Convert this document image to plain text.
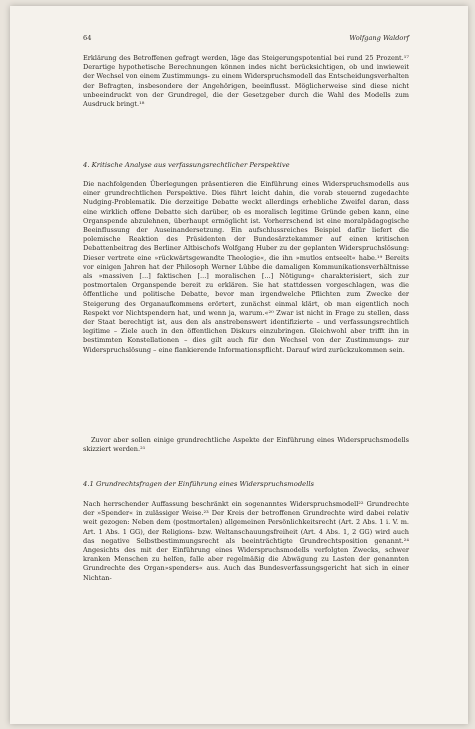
64	Wolfgang Waldorf

Erklärung des Betroffenen gefragt werden, läge das Steigerungspotential bei rund 25 Prozent.¹⁷ Derartige hypothetische Berechnungen können indes nicht berücksichtigen, ob und inwieweit der Wechsel von einem Zustimmungs- zu einem Widerspruchsmodell das Entscheidungsverhalten der Befragten, insbesondere der Angehörigen, beeinflusst. Möglicherweise sind diese nicht unbeeindruckt von der Grundregel, die der Gesetzgeber durch die Wahl des Modells zum Ausdruck bringt.¹⁸

4. Kritische Analyse aus verfassungsrechtlicher Perspektive

Die nachfolgenden Überlegungen präsentieren die Einführung eines Widerspruchsmodells aus einer grundrechtlichen Perspektive. Dies führt leicht dahin, die vorab steuernd zugedachte Nudging-Problematik. Die derzeitige Debatte weckt allerdings erhebliche Zweifel daran, dass eine wirklich offene Debatte sich darüber, ob es moralisch legitime Gründe geben kann, eine Organspende abzulehnen, überhaupt ermöglicht ist. Vorherrschend ist eine moralpädagogische Beeinflussung der Auseinandersetzung. Ein aufschlussreiches Beispiel dafür liefert die polemische Reaktion des Präsidenten der Bundesärztekammer auf einen kritischen Debattenbeitrag des Berliner Altbischofs Wolfgang Huber zu der geplanten Widerspruchslösung: Dieser vertrete eine »rückwärtsgewandte Theologie«, die ihn »mutlos entseelt« habe.¹⁹ Bereits vor einigen Jahren hat der Philosoph Werner Lübbe die damaligen Kommunikationsverhältnisse als »massiven [...] faktischen [...] moralischen [...] Nötigung« charakterisiert, sich zur postmortalen Organspende bereit zu erklären. Sie hat stattdessen vorgeschlagen, was die öffentliche und politische Debatte, bevor man irgendwelche Pflichten zum Zwecke der Steigerung des Organaufkommens erörtert, zunächst einmal klärt, ob man eigentlich noch Respekt vor Nichtspendern hat, und wenn ja, warum.«²⁰ Zwar ist nicht in Frage zu stellen, dass der Staat berechtigt ist, aus den als anstrebenswert identifizierte – und verfassungsrechtlich legitime – Ziele auch in den öffentlichen Diskurs einzubringen. Gleichwohl aber trifft ihn in bestimmten Konstellationen – dies gilt auch für den Wechsel von der Zustimmungs- zur Widerspruchslösung – eine flankierende Informationspflicht. Darauf wird zurückzukommen sein.

Zuvor aber sollen einige grundrechtliche Aspekte der Einführung eines Widerspruchsmodells skizziert werden.²¹

4.1 Grundrechtsfragen der Einführung eines Widerspruchsmodells

Nach herrschender Auffassung beschränkt ein sogenanntes Widerspruchsmodell²² Grundrechte der »Spender« in zulässiger Weise.²³ Der Kreis der betroffenen Grundrechte wird dabei relativ weit gezogen: Neben dem (postmortalen) allgemeinen Persönlichkeitsrecht (Art. 2 Abs. 1 i. V. m. Art. 1 Abs. 1 GG), der Religions- bzw. Weltanschauungsfreiheit (Art. 4 Abs. 1, 2 GG) wird auch das negative Selbstbestimmungsrecht als beeinträchtigte Grundrechtsposition genannt.²⁴ Angesichts des mit der Einführung eines Widerspruchsmodells verfolgten Zwecks, schwer kranken Menschen zu helfen, falle aber regelmäßig die Abwägung zu Lasten der genannten Grundrechte des Organ»spenders« aus. Auch das Bundesverfassungsgericht hat sich in einer Nichtan-
